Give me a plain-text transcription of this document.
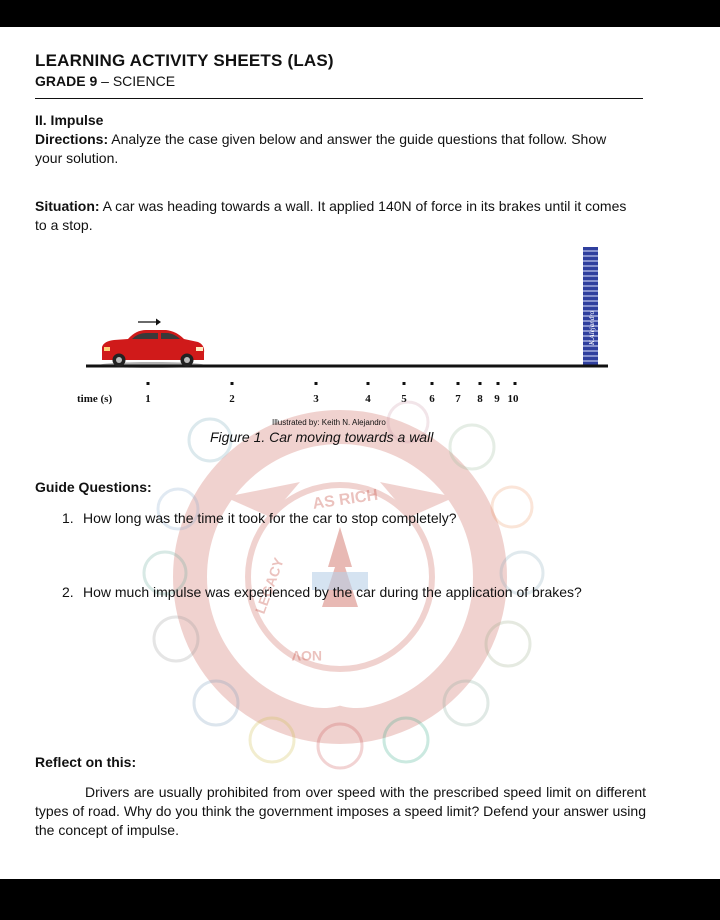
AS RICH
LEGACY
NOV
LEARNING ACTIVITY SHEETS (LAS)
GRADE 9 – SCIENCE
II. Impulse
Directions: Analyze the case given below and answer the guide questions that follow. Show your solution.
Situation: A car was heading towards a wall. It applied 140N of force in its brakes until it comes to a stop.
K.Alejandro
time (s)	1	2	3	4	5 6 7 8 9 10
Illustrated by: Keith N. Alejandro
Figure 1. Car moving towards a wall
Guide Questions:
1. How long was the time it took for the car to stop completely?
2. How much impulse was experienced by the car during the application of brakes?
Reflect on this:
Drivers are usually prohibited from over speed with the prescribed speed limit on different types of road. Why do you think the government imposes a speed limit? Defend your answer using the concept of impulse.
